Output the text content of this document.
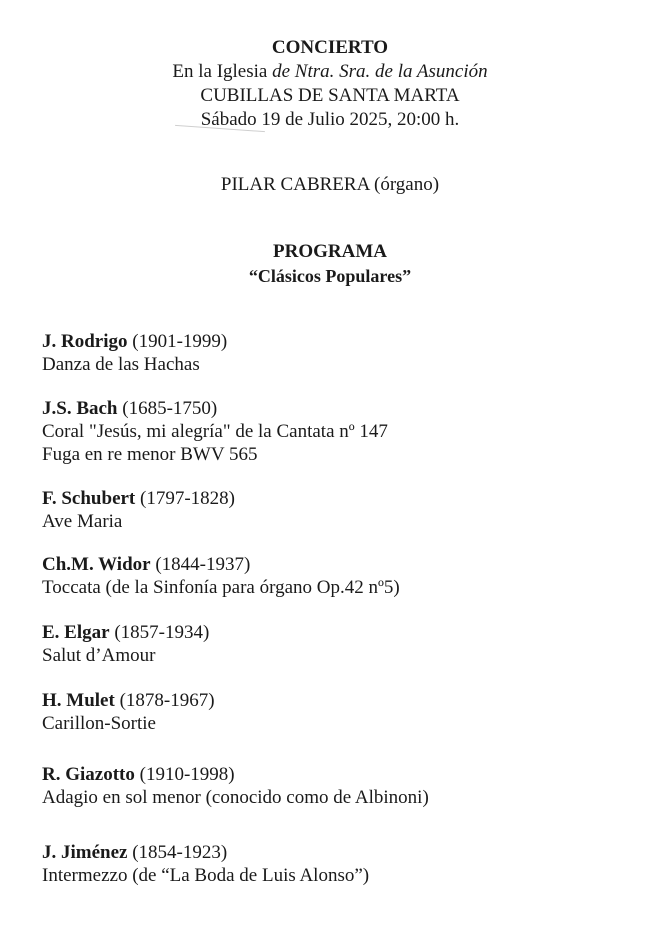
CONCIERTO
En la Iglesia de Ntra. Sra. de la Asunción
CUBILLAS DE SANTA MARTA
Sábado 19 de Julio 2025, 20:00 h.
PILAR CABRERA (órgano)
PROGRAMA
“Clásicos Populares”
J. Rodrigo (1901-1999)
Danza de las Hachas
J.S. Bach (1685-1750)
Coral "Jesús, mi alegría" de la Cantata nº 147
Fuga en re menor BWV 565
F. Schubert (1797-1828)
Ave Maria
Ch.M. Widor (1844-1937)
Toccata (de la Sinfonía para órgano Op.42 nº5)
E. Elgar (1857-1934)
Salut d’Amour
H. Mulet (1878-1967)
Carillon-Sortie
R. Giazotto (1910-1998)
Adagio en sol menor (conocido como de Albinoni)
J. Jiménez (1854-1923)
Intermezzo (de “La Boda de Luis Alonso”)
